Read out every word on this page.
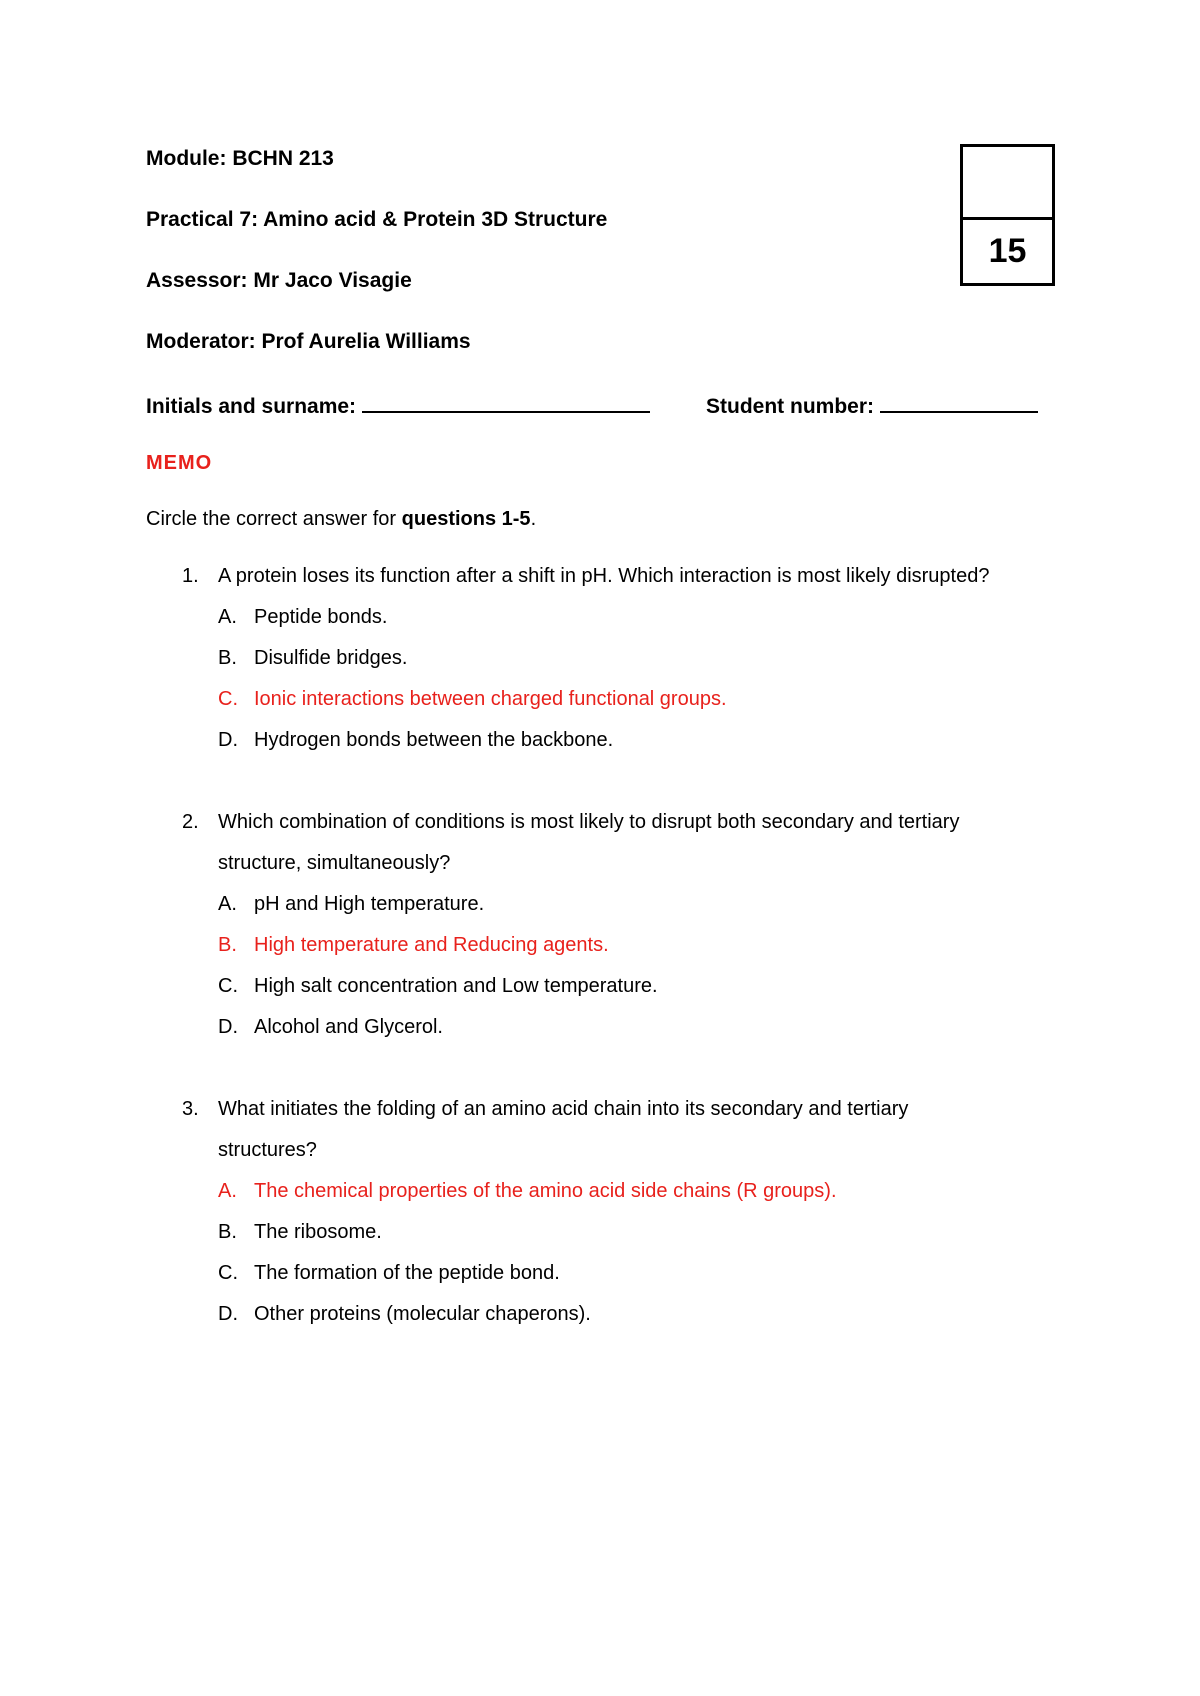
Module: BCHN 213

Practical 7: Amino acid & Protein 3D Structure

Assessor: Mr Jaco Visagie

Moderator: Prof Aurelia Williams

Initials and surname:	Student number:
15
MEMO
Circle the correct answer for questions 1-5.
1. A protein loses its function after a shift in pH. Which interaction is most likely disrupted?
A. Peptide bonds.
B. Disulfide bridges.
C. Ionic interactions between charged functional groups.
D. Hydrogen bonds between the backbone.
2. Which combination of conditions is most likely to disrupt both secondary and tertiary
structure, simultaneously?
A. pH and High temperature.
B. High temperature and Reducing agents.
C. High salt concentration and Low temperature.
D. Alcohol and Glycerol.
3. What initiates the folding of an amino acid chain into its secondary and tertiary
structures?
A. The chemical properties of the amino acid side chains (R groups).
B. The ribosome.
C. The formation of the peptide bond.
D. Other proteins (molecular chaperons).
